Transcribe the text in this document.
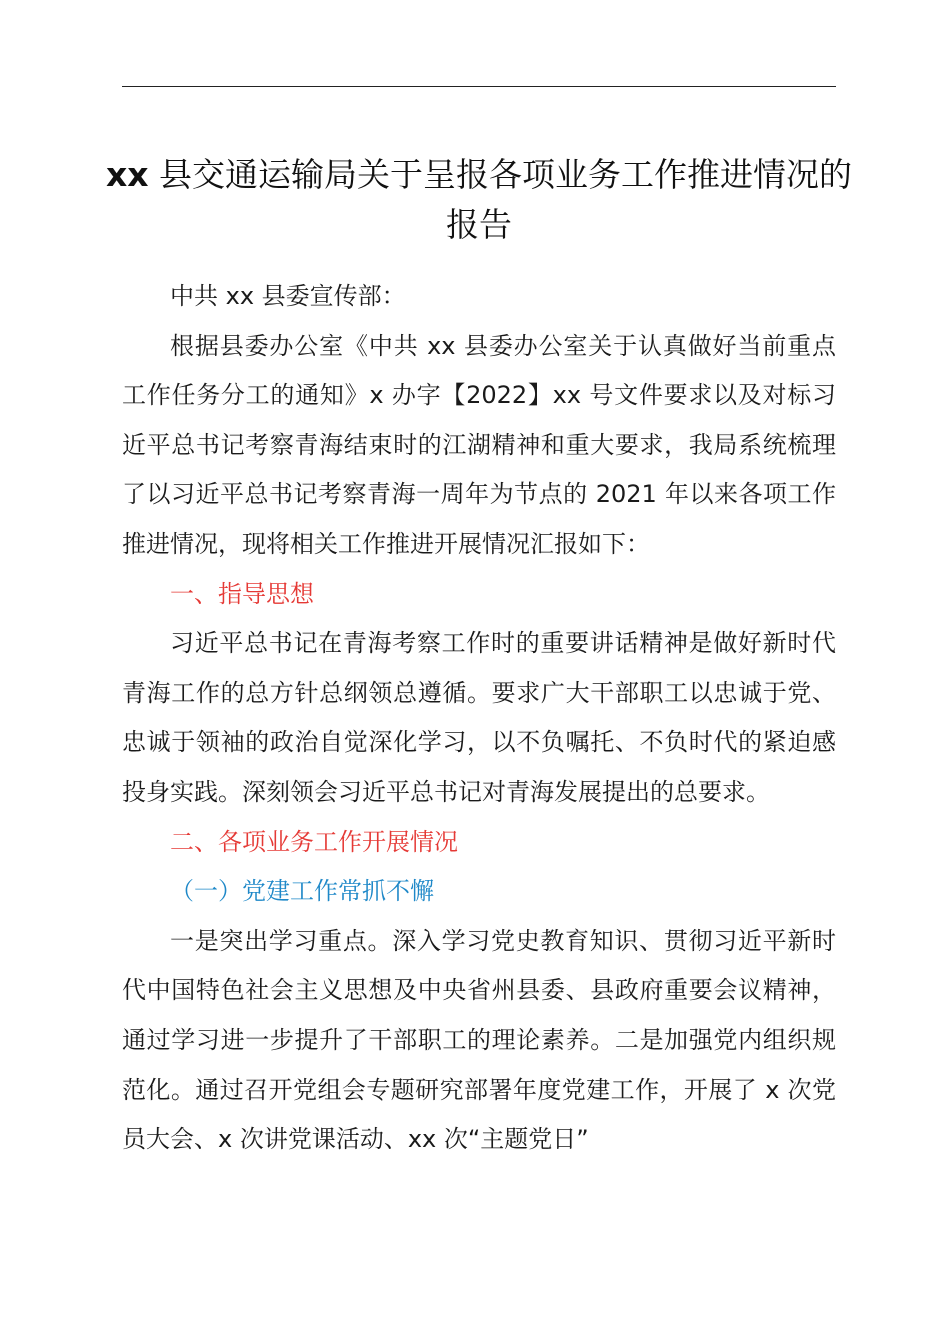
xx 县交通运输局关于呈报各项业务工作推进情况的报告

中共 xx 县委宣传部：

根据县委办公室《中共 xx 县委办公室关于认真做好当前重点工作任务分工的通知》x 办字【2022】xx 号文件要求以及对标习近平总书记考察青海结束时的江湖精神和重大要求，我局系统梳理了以习近平总书记考察青海一周年为节点的 2021 年以来各项工作推进情况，现将相关工作推进开展情况汇报如下：

一、指导思想

习近平总书记在青海考察工作时的重要讲话精神是做好新时代青海工作的总方针总纲领总遵循。要求广大干部职工以忠诚于党、忠诚于领袖的政治自觉深化学习，以不负嘱托、不负时代的紧迫感投身实践。深刻领会习近平总书记对青海发展提出的总要求。

二、各项业务工作开展情况

（一）党建工作常抓不懈

一是突出学习重点。深入学习党史教育知识、贯彻习近平新时代中国特色社会主义思想及中央省州县委、县政府重要会议精神，通过学习进一步提升了干部职工的理论素养。二是加强党内组织规范化。通过召开党组会专题研究部署年度党建工作，开展了 x 次党员大会、x 次讲党课活动、xx 次“主题党日”
